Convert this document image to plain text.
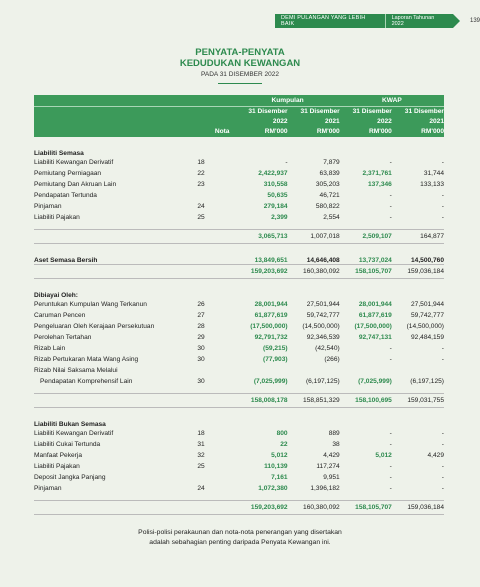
DEMI PULANGAN YANG LEBIH BAIK
Laporan Tahunan 2022	139
PENYATA-PENYATA
KEDUDUKAN KEWANGAN
PADA 31 DISEMBER 2022
		Kumpulan		KWAP	
		31 Disember	31 Disember	31 Disember	31 Disember
		2022	2021	2022	2021
	Nota	RM'000	RM'000	RM'000	RM'000

Liabiliti Semasa					
Liabiliti Kewangan Derivatif	18	-	7,879	-	-
Pemiutang Perniagaan	22	2,422,937	63,839	2,371,761	31,744
Pemiutang Dan Akruan Lain	23	310,558	305,203	137,346	133,133
Pendapatan Tertunda		50,635	46,721	-	-
Pinjaman	24	279,184	580,822	-	-
Liabiliti Pajakan	25	2,399	2,554	-	-

		3,065,713	1,007,018	2,509,107	164,877

Aset Semasa Bersih		13,849,651	14,646,408	13,737,024	14,500,760
		159,203,692	160,380,092	158,105,707	159,036,184

Dibiayai Oleh:					
Peruntukan Kumpulan Wang Terkanun	26	28,001,944	27,501,944	28,001,944	27,501,944
Caruman Pencen	27	61,877,619	59,742,777	61,877,619	59,742,777
Pengeluaran Oleh Kerajaan Persekutuan	28	(17,500,000)	(14,500,000)	(17,500,000)	(14,500,000)
Perolehan Tertahan	29	92,791,732	92,346,539	92,747,131	92,484,159
Rizab Lain	30	(59,215)	(42,540)	-	-
Rizab Pertukaran Mata Wang Asing	30	(77,903)	(266)	-	-
Rizab Nilai Saksama Melalui					
Pendapatan Komprehensif Lain	30	(7,025,999)	(6,197,125)	(7,025,999)	(6,197,125)

		158,008,178	158,851,329	158,100,695	159,031,755

Liabiliti Bukan Semasa					
Liabiliti Kewangan Derivatif	18	800	889	-	-
Liabiliti Cukai Tertunda	31	22	38	-	-
Manfaat Pekerja	32	5,012	4,429	5,012	4,429
Liabiliti Pajakan	25	110,139	117,274	-	-
Deposit Jangka Panjang		7,161	9,951	-	-
Pinjaman	24	1,072,380	1,396,182	-	-

		159,203,692	160,380,092	158,105,707	159,036,184
Polisi-polisi perakaunan dan nota-nota penerangan yang disertakan
adalah sebahagian penting daripada Penyata Kewangan ini.
